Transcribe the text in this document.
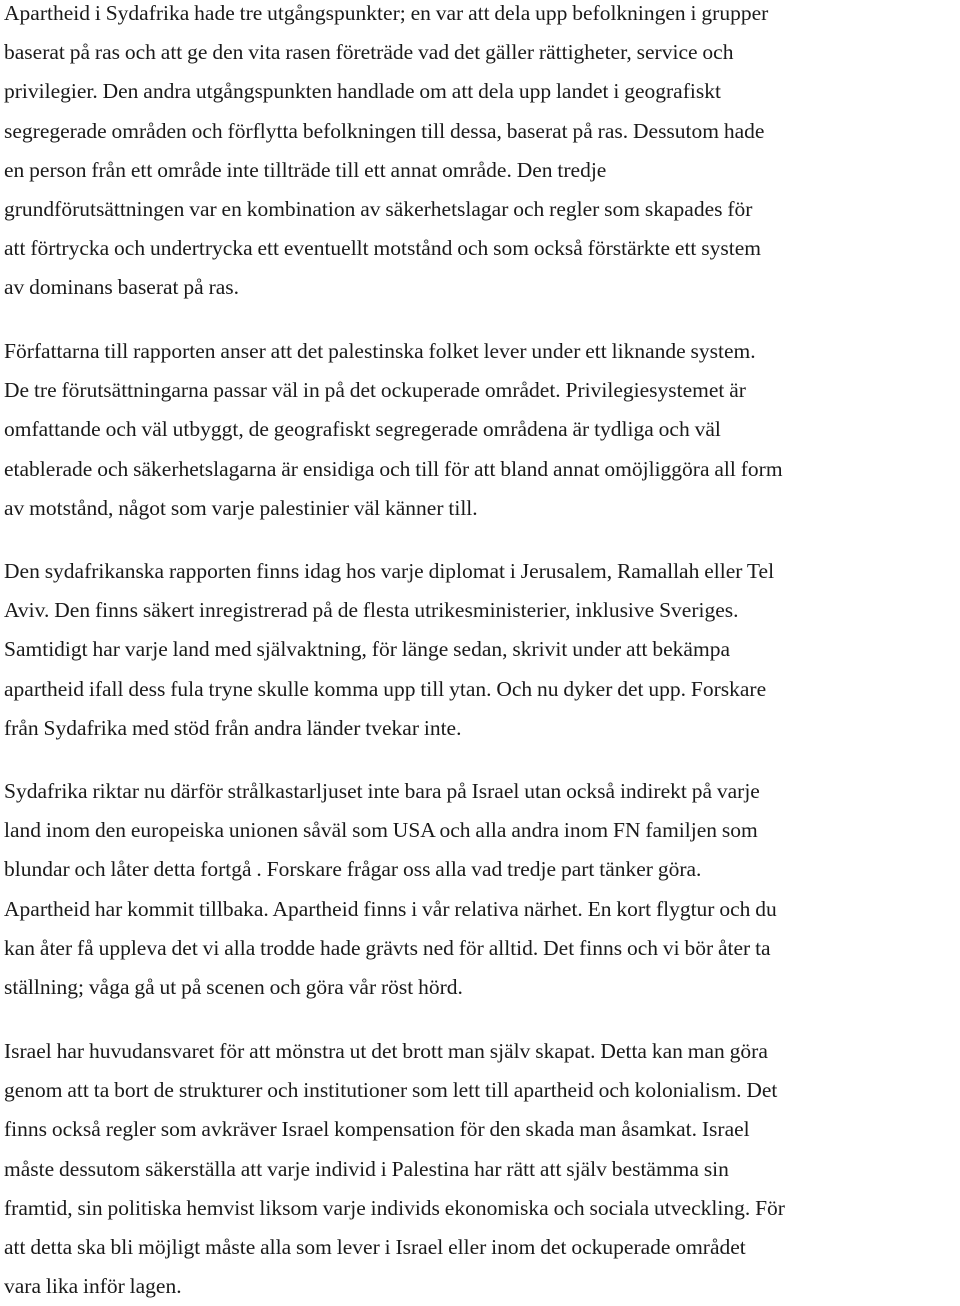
Apartheid i Sydafrika hade tre utgångspunkter; en var att dela upp befolkningen i grupper
baserat på ras och att ge den vita rasen företräde vad det gäller rättigheter, service och
privilegier. Den andra utgångspunkten handlade om att dela upp landet i geografiskt
segregerade områden och förflytta befolkningen till dessa, baserat på ras. Dessutom hade
en person från ett område inte tillträde till ett annat område. Den tredje
grundförutsättningen var en kombination av säkerhetslagar och regler som skapades för
att förtrycka och undertrycka ett eventuellt motstånd och som också förstärkte ett system
av dominans baserat på ras.

Författarna till rapporten anser att det palestinska folket lever under ett liknande system.
De tre förutsättningarna passar väl in på det ockuperade området. Privilegiesystemet är
omfattande och väl utbyggt, de geografiskt segregerade områdena är tydliga och väl
etablerade och säkerhetslagarna är ensidiga och till för att bland annat omöjliggöra all form
av motstånd, något som varje palestinier väl känner till.

Den sydafrikanska rapporten finns idag hos varje diplomat i Jerusalem, Ramallah eller Tel
Aviv. Den finns säkert inregistrerad på de flesta utrikesministerier, inklusive Sveriges.
Samtidigt har varje land med självaktning, för länge sedan, skrivit under att bekämpa
apartheid ifall dess fula tryne skulle komma upp till ytan. Och nu dyker det upp. Forskare
från Sydafrika med stöd från andra länder tvekar inte.

Sydafrika riktar nu därför strålkastarljuset inte bara på Israel utan också indirekt på varje
land inom den europeiska unionen såväl som USA och alla andra inom FN familjen som
blundar och låter detta fortgå . Forskare frågar oss alla vad tredje part tänker göra.
Apartheid har kommit tillbaka. Apartheid finns i vår relativa närhet. En kort flygtur och du
kan åter få uppleva det vi alla trodde hade grävts ned för alltid. Det finns och vi bör åter ta
ställning; våga gå ut på scenen och göra vår röst hörd.

Israel har huvudansvaret för att mönstra ut det brott man själv skapat. Detta kan man göra
genom att ta bort de strukturer och institutioner som lett till apartheid och kolonialism. Det
finns också regler som avkräver Israel kompensation för den skada man åsamkat. Israel
måste dessutom säkerställa att varje individ i Palestina har rätt att själv bestämma sin
framtid, sin politiska hemvist liksom varje individs ekonomiska och sociala utveckling. För
att detta ska bli möjligt måste alla som lever i Israel eller inom det ockuperade området
vara lika inför lagen.
